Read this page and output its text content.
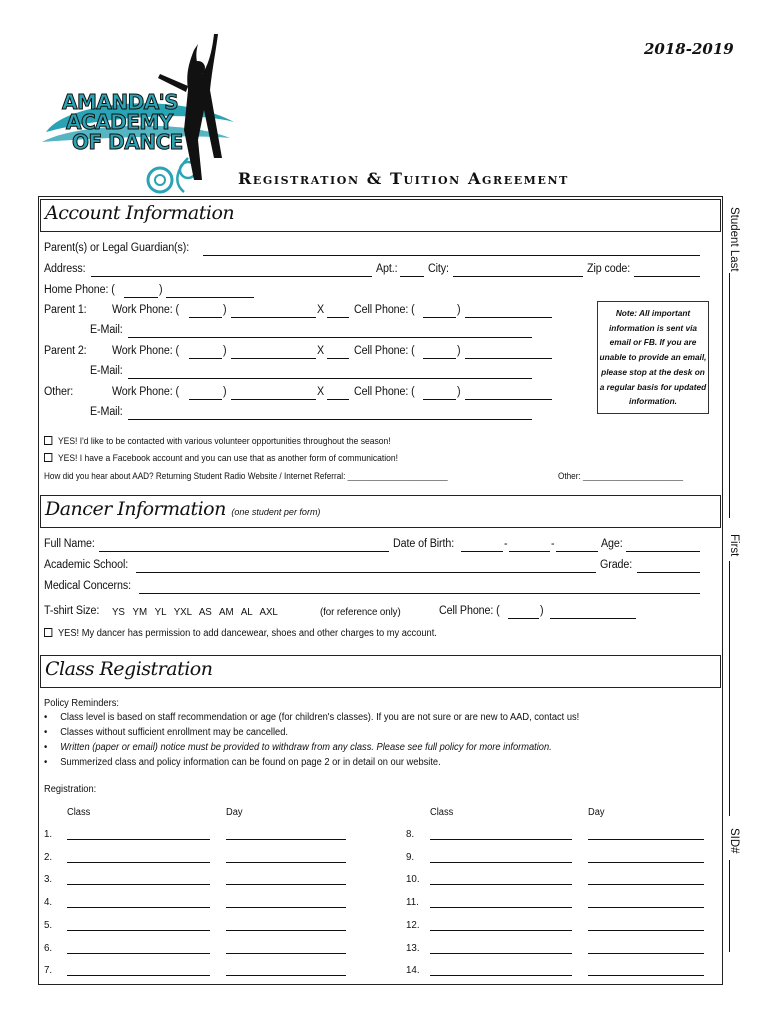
AMANDA'S
ACADEMY
OF DANCE
2018-2019
Registration & Tuition Agreement
Student Last
First
SID#
Account Information
Parent(s) or Legal Guardian(s):
Address:	Apt.:	City:	Zip code:
Home Phone: (	)
Parent 1: Work Phone: (	)	X	Cell Phone: (	)
E-Mail:
Parent 2: Work Phone: (	)	X	Cell Phone: (	)
E-Mail:
Other:	Work Phone: (	)	X	Cell Phone: (	)
E-Mail:
Note: All important information is sent via email or FB. If you are unable to provide an email, please stop at the desk on a regular basis for updated information.
YES! I'd like to be contacted with various volunteer opportunities throughout the season!
YES! I have a Facebook account and you can use that as another form of communication!
How did you hear about AAD? Returning Student Radio Website / Internet Referral: ______________________	Other: ______________________
Dancer Information (one student per form)
Full Name:	Date of Birth:	-	-	Age:
Academic School:	Grade:
Medical Concerns:
T-shirt Size: YS   YM   YL   YXL   AS   AM   AL   AXL	(for reference only)	Cell Phone: (	)
YES! My dancer has permission to add dancewear, shoes and other charges to my account.
Class Registration
Policy Reminders:
•     Class level is based on staff recommendation or age (for children's classes). If you are not sure or are new to AAD, contact us!
•     Classes without sufficient enrollment may be cancelled.
•     Written (paper or email) notice must be provided to withdraw from any class. Please see full policy for more information.
•     Summerized class and policy information can be found on page 2 or in detail on our website.
Registration:
Class	Day	Class	Day
1.	8.
2.	9.
3.	10.
4.	11.
5.	12.
6.	13.
7.	14.
